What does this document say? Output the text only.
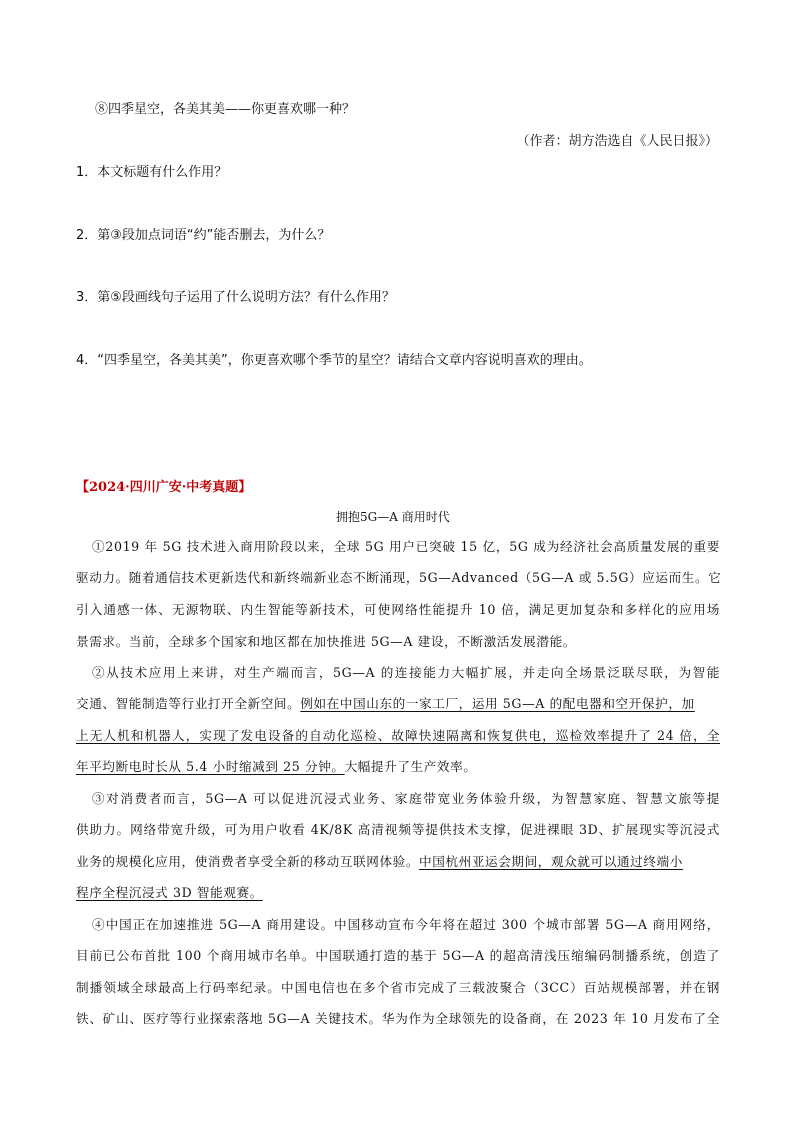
⑧四季星空，各美其美——你更喜欢哪一种？
（作者：胡方浩选自《人民日报》）
1．本文标题有什么作用？
2．第③段加点词语“约”能否删去，为什么？
3．第⑤段画线句子运用了什么说明方法？有什么作用？
4．“四季星空，各美其美”，你更喜欢哪个季节的星空？请结合文章内容说明喜欢的理由。
【2024·四川广安·中考真题】
拥抱5G—A 商用时代
①2019 年 5G 技术进入商用阶段以来，全球 5G 用户已突破 15 亿，5G 成为经济社会高质量发展的重要
驱动力。随着通信技术更新迭代和新终端新业态不断涌现，5G—Advanced（5G—A 或 5.5G）应运而生。它
引入通感一体、无源物联、内生智能等新技术，可使网络性能提升 10 倍，满足更加复杂和多样化的应用场
景需求。当前，全球多个国家和地区都在加快推进 5G—A 建设，不断激活发展潜能。
②从技术应用上来讲，对生产端而言，5G—A 的连接能力大幅扩展，并走向全场景泛联尽联，为智能
交通、智能制造等行业打开全新空间。例如在中国山东的一家工厂，运用 5G—A 的配电器和空开保护，加
上无人机和机器人，实现了发电设备的自动化巡检、故障快速隔离和恢复供电，巡检效率提升了 24 倍，全
年平均断电时长从 5.4 小时缩减到 25 分钟。大幅提升了生产效率。
③对消费者而言，5G—A 可以促进沉浸式业务、家庭带宽业务体验升级，为智慧家庭、智慧文旅等提
供助力。网络带宽升级，可为用户收看 4K/8K 高清视频等提供技术支撑，促进裸眼 3D、扩展现实等沉浸式
业务的规模化应用，使消费者享受全新的移动互联网体验。中国杭州亚运会期间，观众就可以通过终端小
程序全程沉浸式 3D 智能观赛。
④中国正在加速推进 5G—A 商用建设。中国移动宣布今年将在超过 300 个城市部署 5G—A 商用网络，
目前已公布首批 100 个商用城市名单。中国联通打造的基于 5G—A 的超高清浅压缩编码制播系统，创造了
制播领域全球最高上行码率纪录。中国电信也在多个省市完成了三载波聚合（3CC）百站规模部署，并在钢
铁、矿山、医疗等行业探索落地 5G—A 关键技术。华为作为全球领先的设备商，在 2023 年 10 月发布了全
